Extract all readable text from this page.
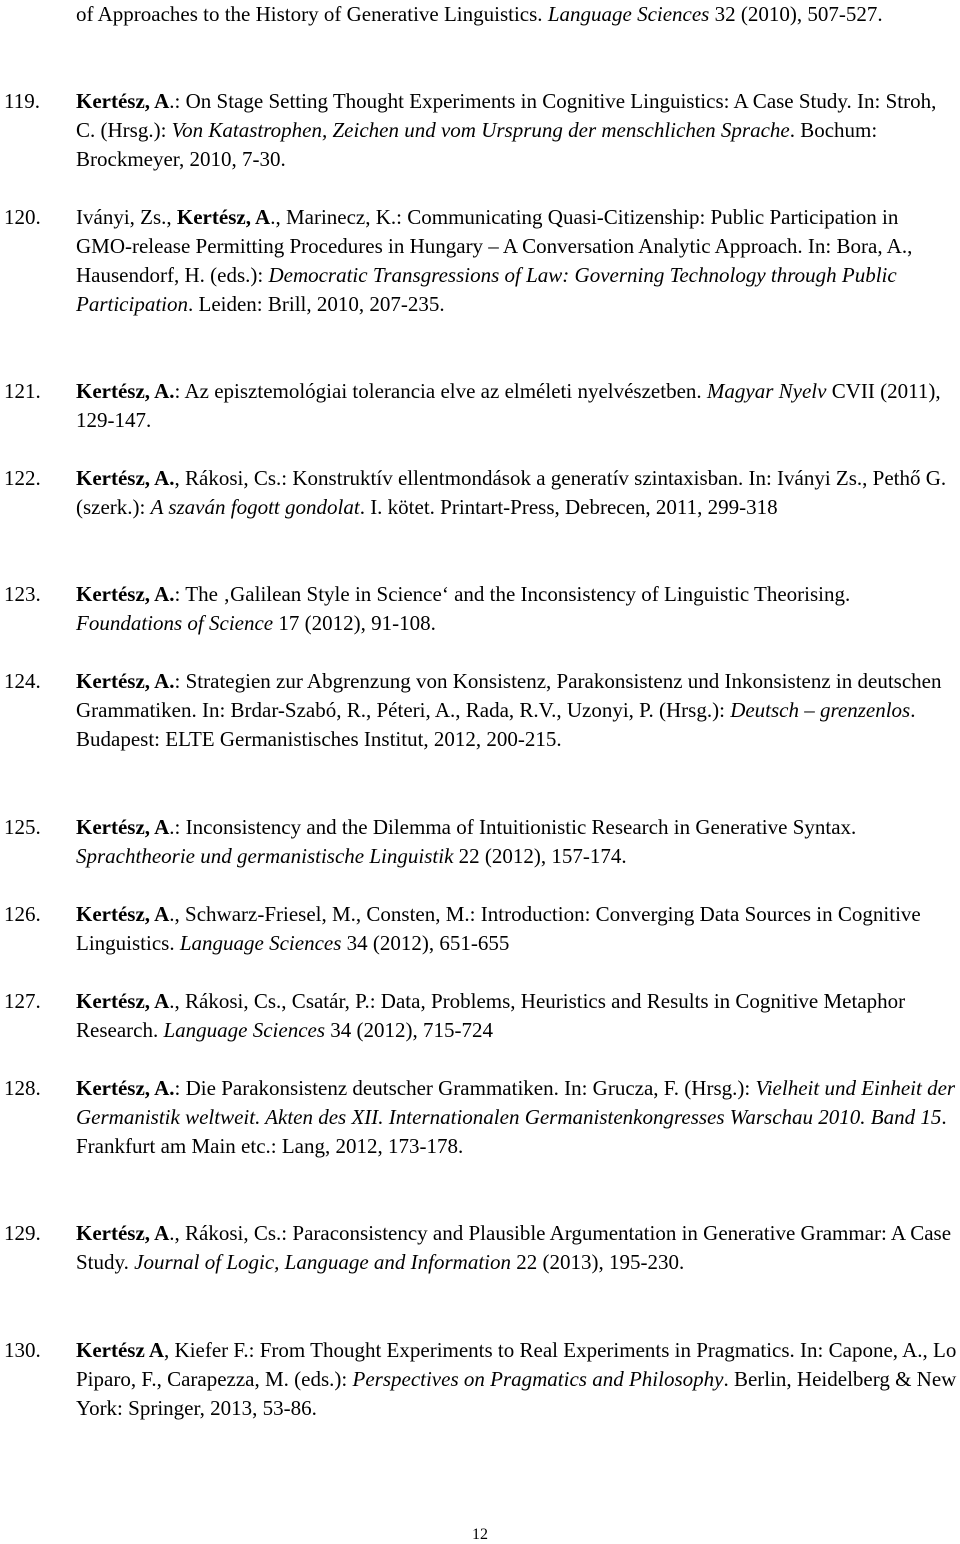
of Approaches to the History of Generative Linguistics. Language Sciences 32 (2010), 507-527.
119.	Kertész, A.: On Stage Setting Thought Experiments in Cognitive Linguistics: A Case Study. In: Stroh, C. (Hrsg.): Von Katastrophen, Zeichen und vom Ursprung der menschlichen Sprache. Bochum: Brockmeyer, 2010, 7-30.
120.	Iványi, Zs., Kertész, A., Marinecz, K.: Communicating Quasi-Citizenship: Public Participation in GMO-release Permitting Procedures in Hungary – A Conversation Analytic Approach. In: Bora, A., Hausendorf, H. (eds.): Democratic Transgressions of Law: Governing Technology through Public Participation. Leiden: Brill, 2010, 207-235.
121.	Kertész, A.: Az episztemológiai tolerancia elve az elméleti nyelvészetben. Magyar Nyelv CVII (2011), 129-147.
122.	Kertész, A., Rákosi, Cs.: Konstruktív ellentmondások a generatív szintaxisban. In: Iványi Zs., Pethő G. (szerk.): A szaván fogott gondolat. I. kötet. Printart-Press, Debrecen, 2011, 299-318
123.	Kertész, A.: The ‚Galilean Style in Science‘ and the Inconsistency of Linguistic Theorising. Foundations of Science 17 (2012), 91-108.
124.	Kertész, A.: Strategien zur Abgrenzung von Konsistenz, Parakonsistenz und Inkonsistenz in deutschen Grammatiken. In: Brdar-Szabó, R., Péteri, A., Rada, R.V., Uzonyi, P. (Hrsg.): Deutsch – grenzenlos. Budapest: ELTE Germanistisches Institut, 2012, 200-215.
125.	Kertész, A.: Inconsistency and the Dilemma of Intuitionistic Research in Generative Syntax. Sprachtheorie und germanistische Linguistik 22 (2012), 157-174.
126.	Kertész, A., Schwarz-Friesel, M., Consten, M.: Introduction: Converging Data Sources in Cognitive Linguistics. Language Sciences 34 (2012), 651-655
127.	Kertész, A., Rákosi, Cs., Csatár, P.: Data, Problems, Heuristics and Results in Cognitive Metaphor Research. Language Sciences 34 (2012), 715-724
128.	Kertész, A.: Die Parakonsistenz deutscher Grammatiken. In: Grucza, F. (Hrsg.): Vielheit und Einheit der Germanistik weltweit. Akten des XII. Internationalen Germanistenkongresses Warschau 2010. Band 15. Frankfurt am Main etc.: Lang, 2012, 173-178.
129.	Kertész, A., Rákosi, Cs.: Paraconsistency and Plausible Argumentation in Generative Grammar: A Case Study. Journal of Logic, Language and Information 22 (2013), 195-230.
130.	Kertész A, Kiefer F.: From Thought Experiments to Real Experiments in Pragmatics. In: Capone, A., Lo Piparo, F., Carapezza, M. (eds.): Perspectives on Pragmatics and Philosophy. Berlin, Heidelberg & New York: Springer, 2013, 53-86.
12
